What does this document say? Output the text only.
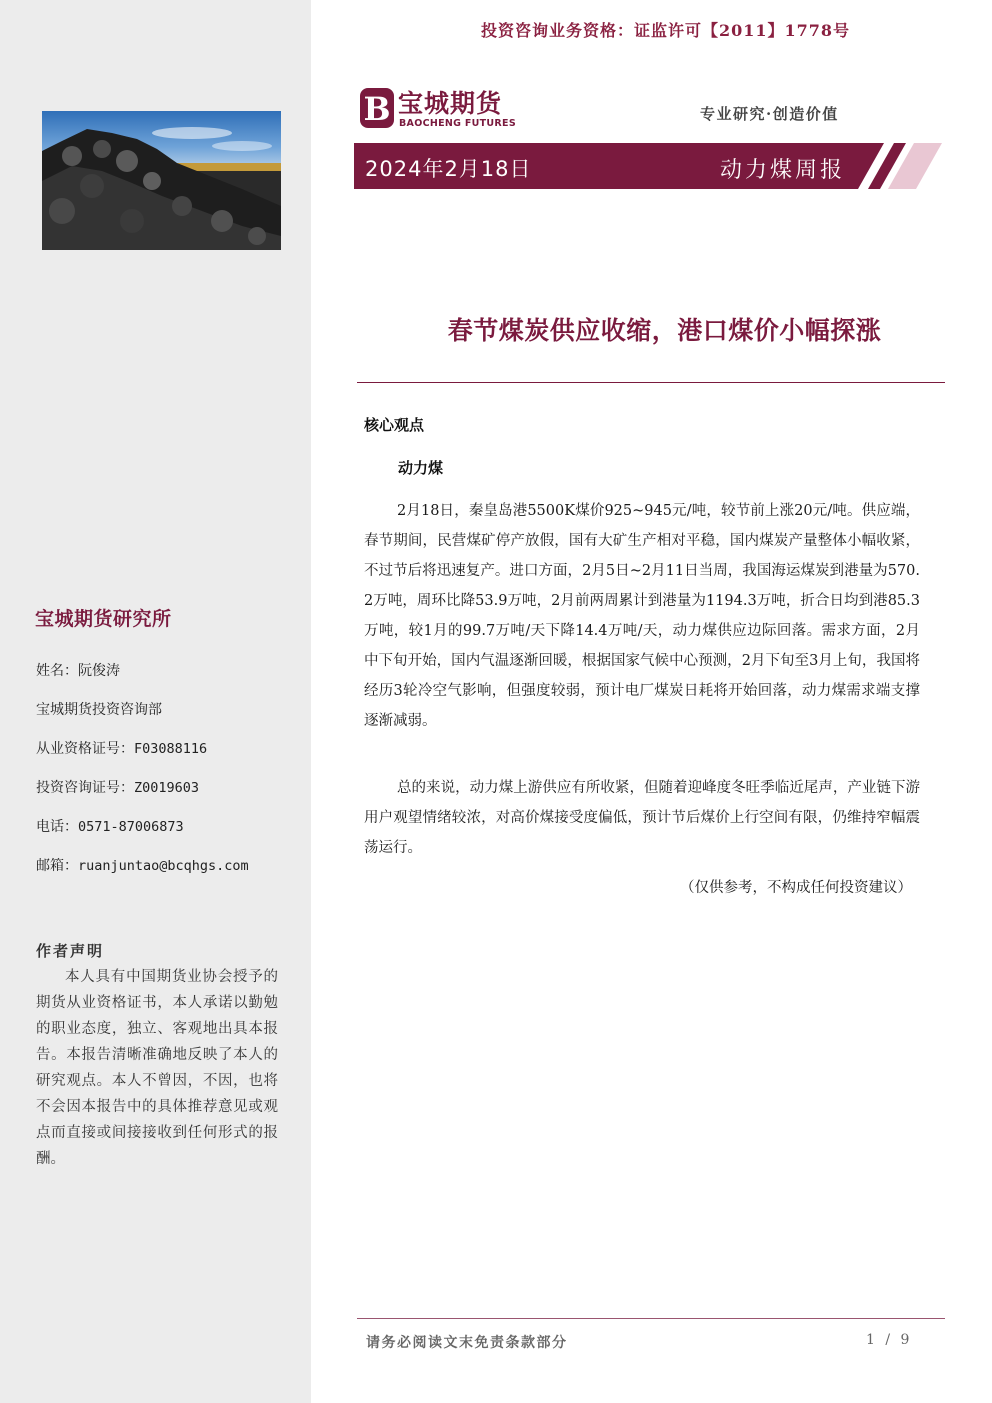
宝城期货研究所
姓名：阮俊涛
宝城期货投资咨询部
从业资格证号：F03088116
投资咨询证号：Z0019603
电话：0571-87006873
邮箱：ruanjuntao@bcqhgs.com
作者声明
本人具有中国期货业协会授予的期货从业资格证书，本人承诺以勤勉的职业态度，独立、客观地出具本报告。本报告清晰准确地反映了本人的研究观点。本人不曾因，不因，也将不会因本报告中的具体推荐意见或观点而直接或间接接收到任何形式的报酬。
投资咨询业务资格：证监许可【2011】1778号
B 宝城期货
BAOCHENG FUTURES
专业研究·创造价值
2024年2月18日	动力煤周报
春节煤炭供应收缩，港口煤价小幅探涨
核心观点
动力煤
2月18日，秦皇岛港5500K煤价925~945元/吨，较节前上涨20元/吨。供应端，春节期间，民营煤矿停产放假，国有大矿生产相对平稳，国内煤炭产量整体小幅收紧，不过节后将迅速复产。进口方面，2月5日~2月11日当周，我国海运煤炭到港量为570.2万吨，周环比降53.9万吨，2月前两周累计到港量为1194.3万吨，折合日均到港85.3万吨，较1月的99.7万吨/天下降14.4万吨/天，动力煤供应边际回落。需求方面，2月中下旬开始，国内气温逐渐回暖，根据国家气候中心预测，2月下旬至3月上旬，我国将经历3轮冷空气影响，但强度较弱，预计电厂煤炭日耗将开始回落，动力煤需求端支撑逐渐减弱。
总的来说，动力煤上游供应有所收紧，但随着迎峰度冬旺季临近尾声，产业链下游用户观望情绪较浓，对高价煤接受度偏低，预计节后煤价上行空间有限，仍维持窄幅震荡运行。
（仅供参考，不构成任何投资建议）
请务必阅读文末免责条款部分	1 / 9
